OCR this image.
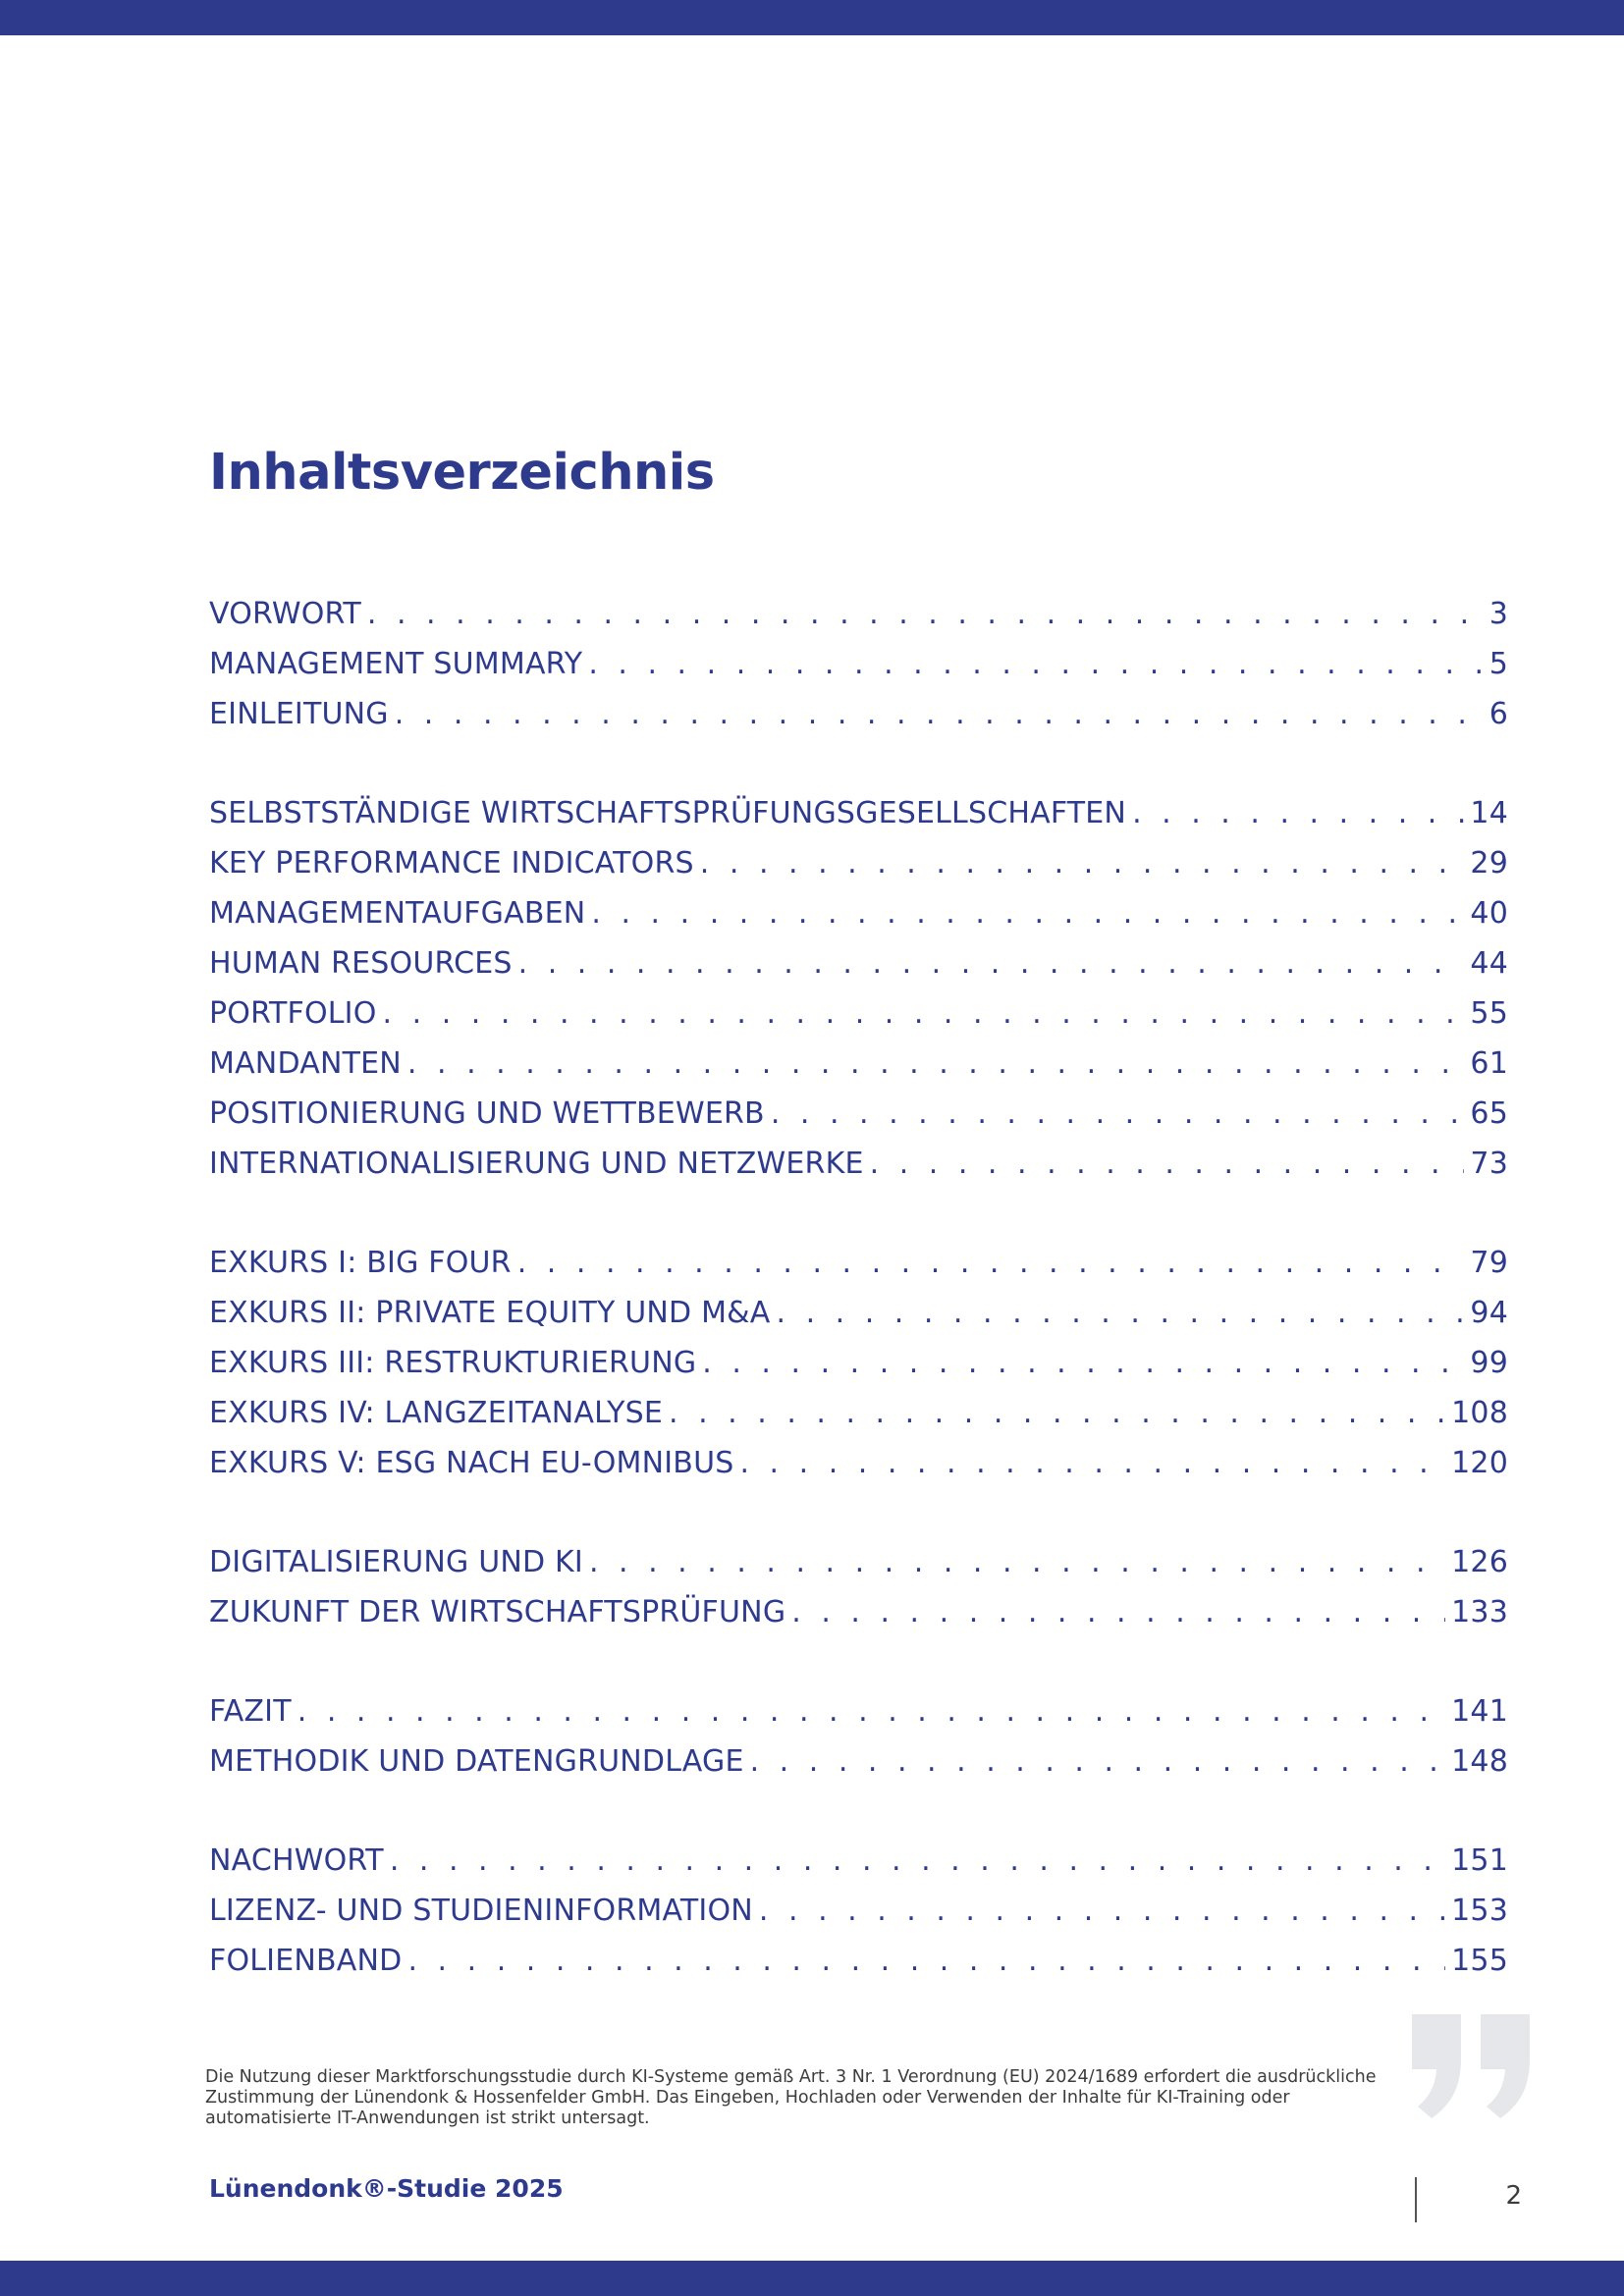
Inhaltsverzeichnis
VORWORT . . .	3
MANAGEMENT SUMMARY . . .	5
EINLEITUNG . . .	6
SELBSTSTÄNDIGE WIRTSCHAFTSPRÜFUNGSGESELLSCHAFTEN . . .	14
KEY PERFORMANCE INDICATORS . . .	29
MANAGEMENTAUFGABEN . . .	40
HUMAN RESOURCES . . .	44
PORTFOLIO . . .	55
MANDANTEN . . .	61
POSITIONIERUNG UND WETTBEWERB . . .	65
INTERNATIONALISIERUNG UND NETZWERKE . . .	73
EXKURS I: BIG FOUR . . .	79
EXKURS II: PRIVATE EQUITY UND M&A . . .	94
EXKURS III: RESTRUKTURIERUNG . . .	99
EXKURS IV: LANGZEITANALYSE . . .	108
EXKURS V: ESG NACH EU-OMNIBUS . . .	120
DIGITALISIERUNG UND KI . . .	126
ZUKUNFT DER WIRTSCHAFTSPRÜFUNG . . .	133
FAZIT . . .	141
METHODIK UND DATENGRUNDLAGE . . .	148
NACHWORT . . .	151
LIZENZ- UND STUDIENINFORMATION . . .	153
FOLIENBAND . . .	155
Die Nutzung dieser Marktforschungsstudie durch KI-Systeme gemäß Art. 3 Nr. 1 Verordnung (EU) 2024/1689 erfordert die ausdrückliche Zustimmung der Lünendonk & Hossenfelder GmbH. Das Eingeben, Hochladen oder Verwenden der Inhalte für KI-Training oder automatisierte IT-Anwendungen ist strikt untersagt.
Lünendonk®-Studie 2025	2
